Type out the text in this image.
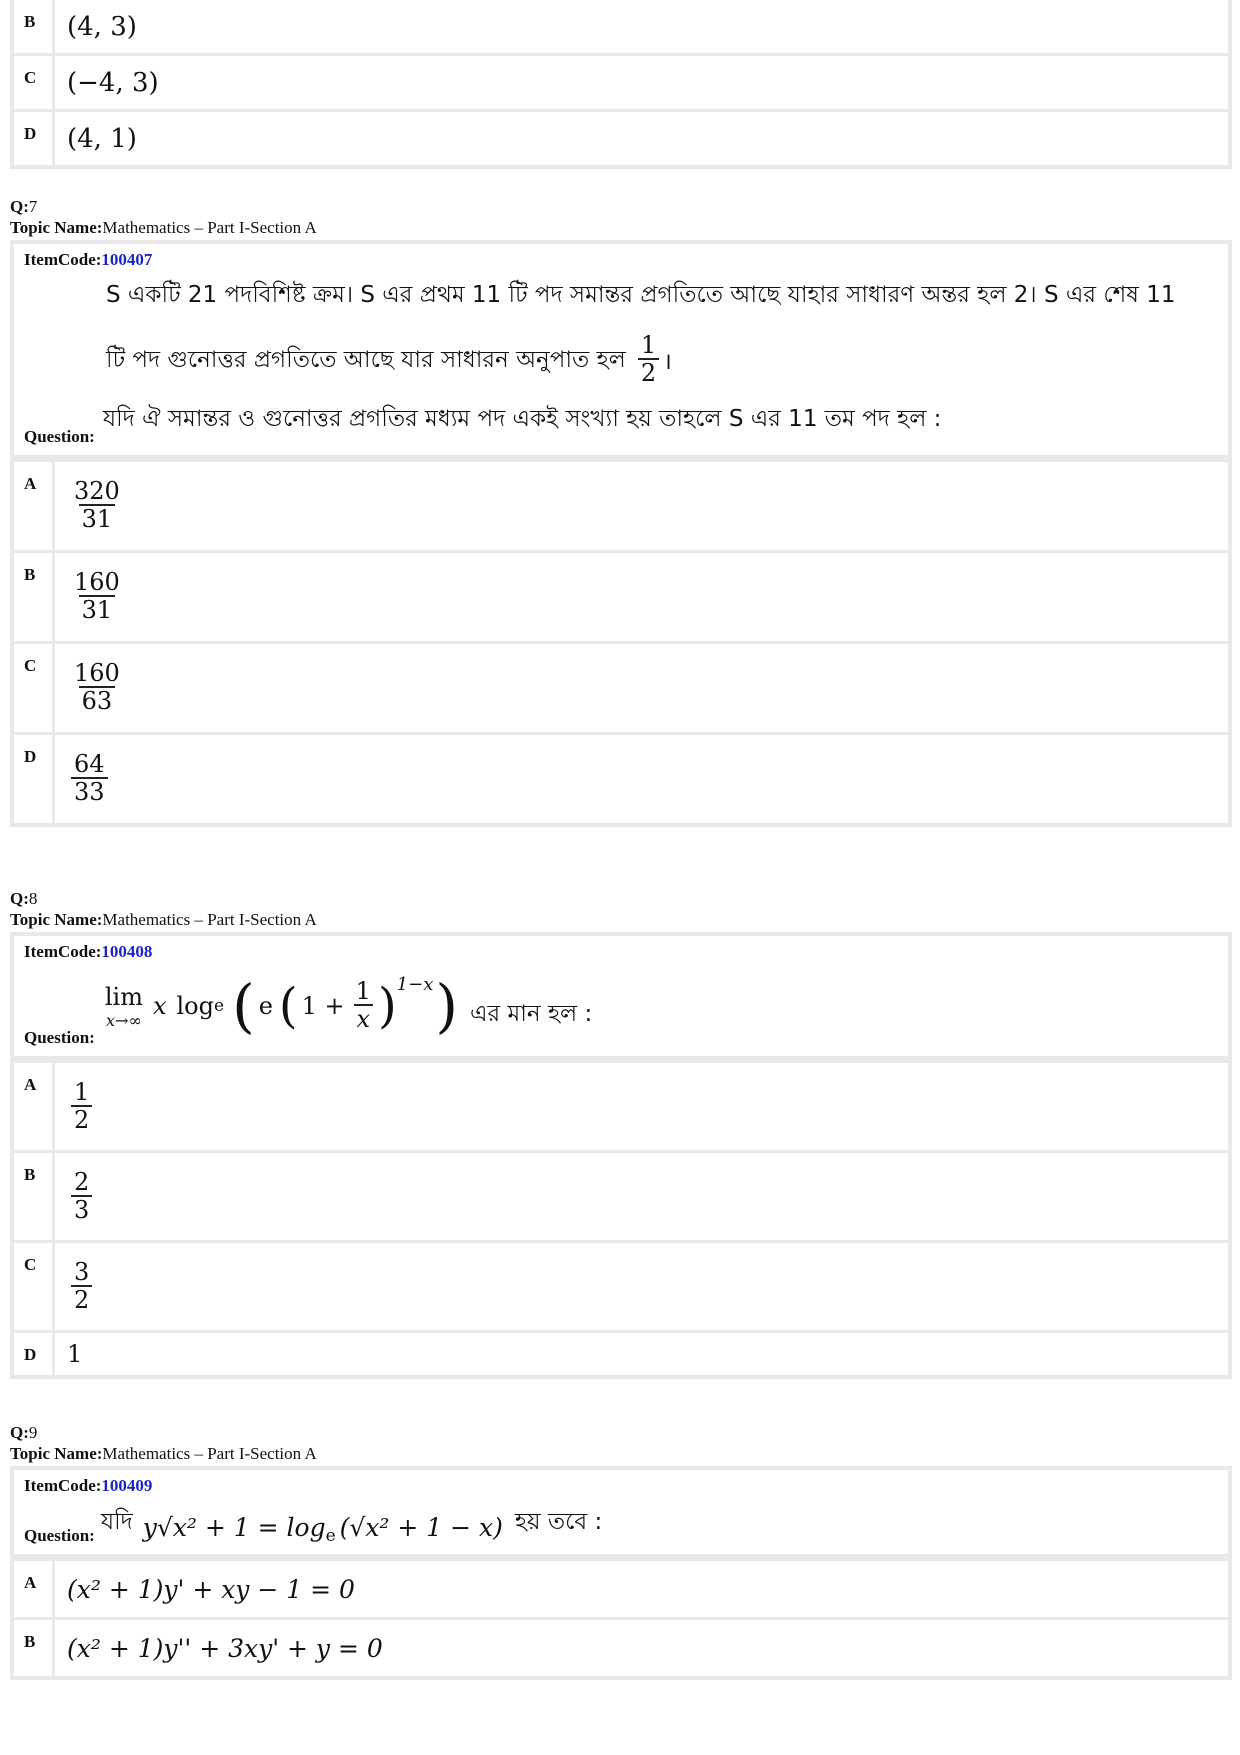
B	(4, 3)
C	(−4, 3)
D	(4, 1)
Q:7
Topic Name:Mathematics – Part I-Section A
ItemCode:100407
S একটি 21 পদবিশিষ্ট ক্রম। S এর প্রথম 11 টি পদ সমান্তর প্রগতিতে আছে যাহার সাধারণ অন্তর হল 2। S এর শেষ 11
টি পদ গুনোত্তর প্রগতিতে আছে যার সাধারন অনুপাত হল $\frac{1}{2}$ ।
Question:
যদি ঐ সমান্তর ও গুনোত্তর প্রগতির মধ্যম পদ একই সংখ্যা হয় তাহলে S এর 11 তম পদ হল :
A	$\frac{320}{31}$
B	$\frac{160}{31}$
C	$\frac{160}{63}$
D	$\frac{64}{33}$
Q:8
Topic Name:Mathematics – Part I-Section A
ItemCode:100408
Question:
lim
x→∞ x log e ( e ( $1 + \frac{1}{x} )^{1-x}$ ) এর মান হল :
A	$\frac{1}{2}$
B	$\frac{2}{3}$
C	$\frac{3}{2}$
D	1
Q:9
Topic Name:Mathematics – Part I-Section A
ItemCode:100409
Question:
যদি y√x² + 1 = log e (√x² + 1 − x) হয় তবে :
A	(x² + 1)y' + xy − 1 = 0
B	(x² + 1)y'' + 3xy' + y = 0
